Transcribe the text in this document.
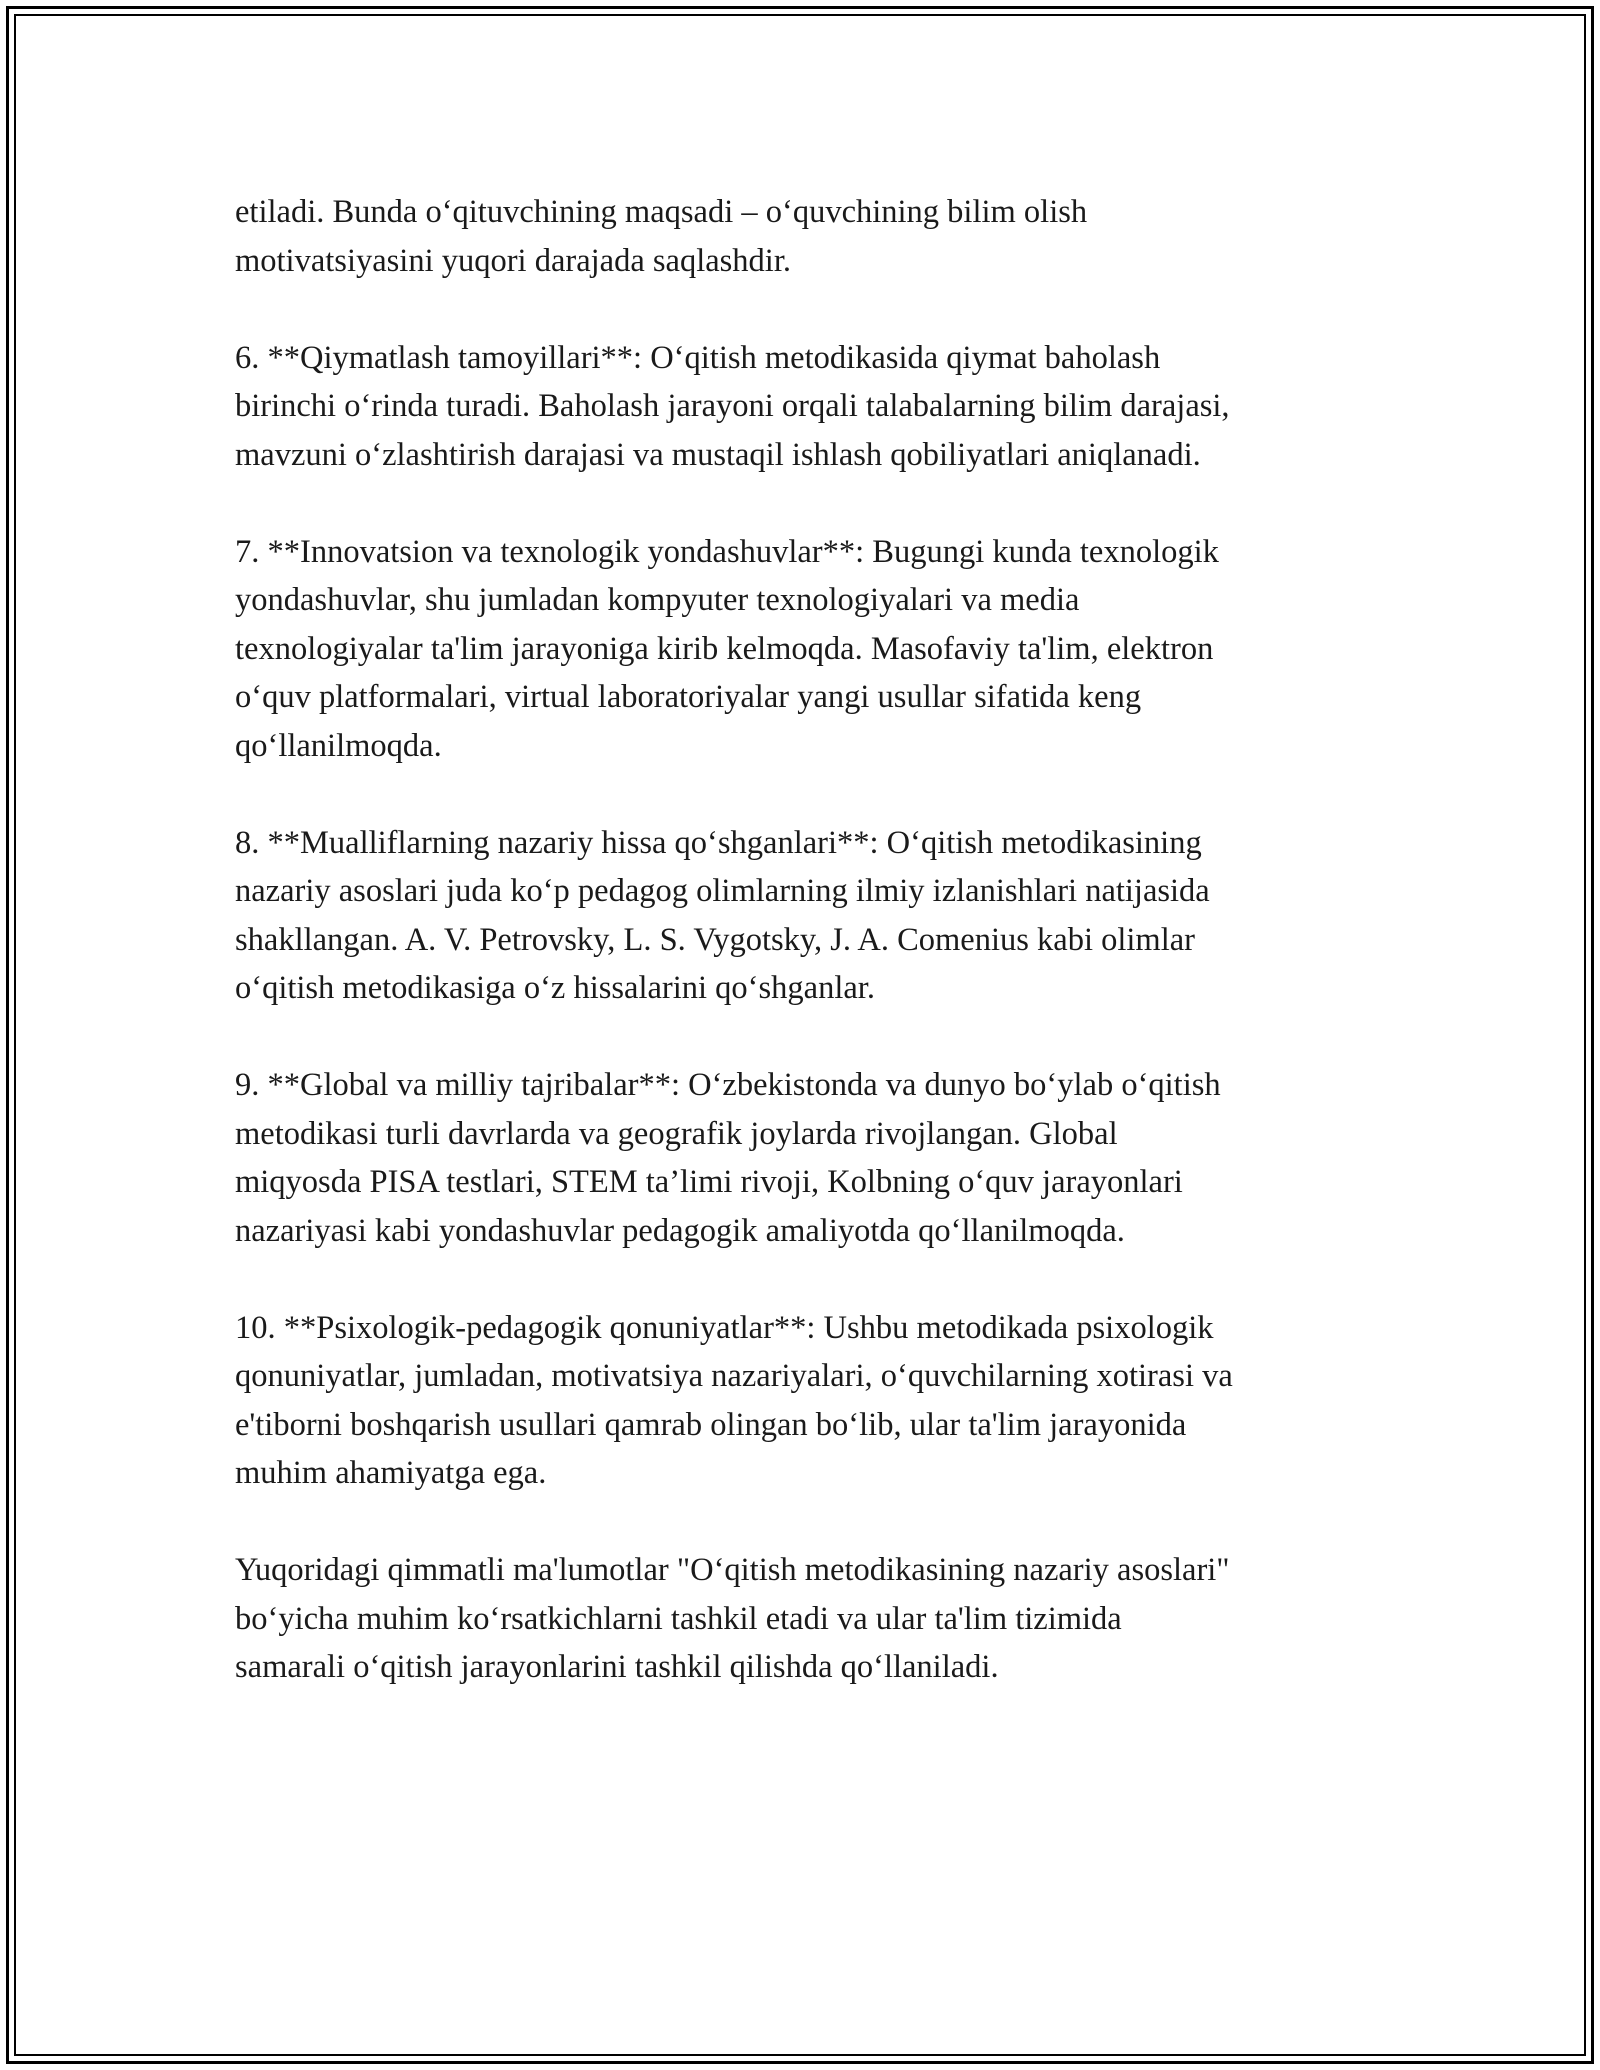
etiladi. Bunda o‘qituvchining maqsadi – o‘quvchining bilim olish
motivatsiyasini yuqori darajada saqlashdir.
6. **Qiymatlash tamoyillari**: O‘qitish metodikasida qiymat baholash
birinchi o‘rinda turadi. Baholash jarayoni orqali talabalarning bilim darajasi,
mavzuni o‘zlashtirish darajasi va mustaqil ishlash qobiliyatlari aniqlanadi.
7. **Innovatsion va texnologik yondashuvlar**: Bugungi kunda texnologik
yondashuvlar, shu jumladan kompyuter texnologiyalari va media
texnologiyalar ta'lim jarayoniga kirib kelmoqda. Masofaviy ta'lim, elektron
o‘quv platformalari, virtual laboratoriyalar yangi usullar sifatida keng
qo‘llanilmoqda.
8. **Mualliflarning nazariy hissa qo‘shganlari**: O‘qitish metodikasining
nazariy asoslari juda ko‘p pedagog olimlarning ilmiy izlanishlari natijasida
shakllangan. A. V. Petrovsky, L. S. Vygotsky, J. A. Comenius kabi olimlar
o‘qitish metodikasiga o‘z hissalarini qo‘shganlar.
9. **Global va milliy tajribalar**: O‘zbekistonda va dunyo bo‘ylab o‘qitish
metodikasi turli davrlarda va geografik joylarda rivojlangan. Global
miqyosda PISA testlari, STEM ta’limi rivoji, Kolbning o‘quv jarayonlari
nazariyasi kabi yondashuvlar pedagogik amaliyotda qo‘llanilmoqda.
10. **Psixologik-pedagogik qonuniyatlar**: Ushbu metodikada psixologik
qonuniyatlar, jumladan, motivatsiya nazariyalari, o‘quvchilarning xotirasi va
e'tiborni boshqarish usullari qamrab olingan bo‘lib, ular ta'lim jarayonida
muhim ahamiyatga ega.
Yuqoridagi qimmatli ma'lumotlar "O‘qitish metodikasining nazariy asoslari"
bo‘yicha muhim ko‘rsatkichlarni tashkil etadi va ular ta'lim tizimida
samarali o‘qitish jarayonlarini tashkil qilishda qo‘llaniladi.
